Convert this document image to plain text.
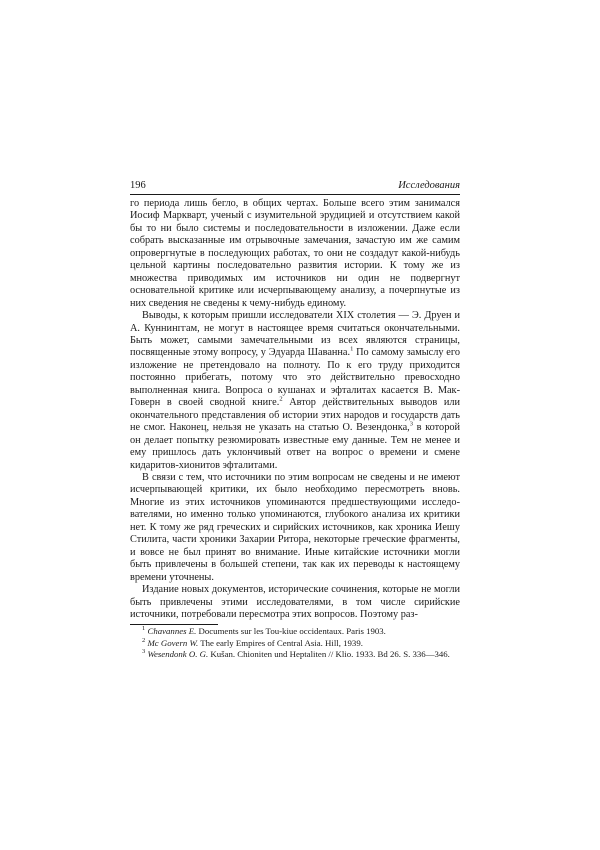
196	Исследования

го периода лишь бегло, в общих чертах. Больше всего этим занимался Иосиф Маркварт, ученый с изумительной эрудицией и отсутствием какой бы то ни было системы и последовательности в изложении. Даже если собрать высказанные им отрывочные замечания, зачастую им же самим опровергнутые в последующих работах, то они не создадут какой-нибудь цельной картины последовательно развития истории. К тому же из множества приводимых им источников ни один не подвергнут основательной критике или исчерпывающему анализу, а почерпнутые из них сведения не сведены к чему-нибудь единому.

Выводы, к которым пришли исследователи XIX столетия — Э. Друен и А. Куннинггам, не могут в настоящее время считаться окончательными. Быть может, самыми замечательными из всех являются страницы, посвященные этому вопросу, у Эдуарда Шаванна.$^1$ По самому замыслу его изложение не претендовало на полноту. По к его труду приходится постоянно прибегать, потому что это действительно превосходно выполненная книга. Вопроса о кушанах и эфталитах касается В. Мак-Говерн в своей сводной книге.$^2$ Автор действительных выводов или окончательного представления об истории этих народов и государств дать не смог. Наконец, нельзя не указать на статью О. Везендонка,$^3$ в которой он делает попытку резюмировать известные ему данные. Тем не менее и ему пришлось дать уклончивый ответ на вопрос о времени и смене кидаритов-хионитов эфталитами.

В связи с тем, что источники по этим вопросам не сведены и не имеют исчерпывающей критики, их было необходимо пересмотреть вновь. Многие из этих источников упоминаются предшествующими исследователями, но именно только упоминаются, глубокого анализа их критики нет. К тому же ряд греческих и сирийских источников, как хроника Иешу Стилита, части хроники Захарии Ритора, некоторые греческие фрагменты, и вовсе не был принят во внимание. Иные китайские источники могли быть привлечены в большей степени, так как их переводы к настоящему времени уточнены.

Издание новых документов, исторические сочинения, которые не могли быть привлечены этими исследователями, в том числе сирийские источники, потребовали пересмотра этих вопросов. Поэтому раз-

$^1$ Chavannes E. Documents sur les Tou-kiue occidentaux. Paris 1903.

$^2$ Mc Govern W. The early Empires of Central Asia. Hill, 1939.

$^3$ Wesendonk O. G. Kušan. Chioniten und Heptaliten // Klio. 1933. Bd 26. S. 336—346.
